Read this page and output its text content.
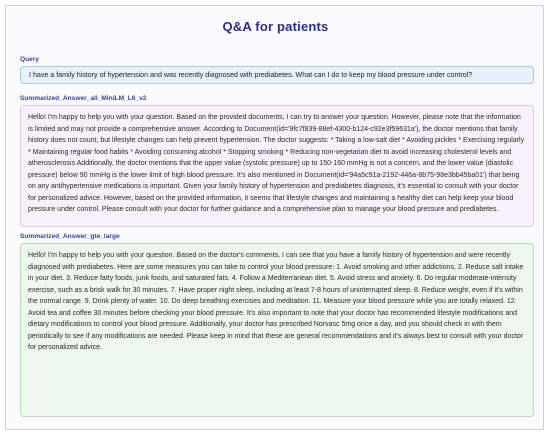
Q&A for patients
Query
I have a family history of hypertension and was recently diagnosed with prediabetes. What can I do to keep my blood pressure under control?
Summarized_Answer_all_MiniLM_L6_v2
Hello! I'm happy to help you with your question. Based on the provided documents, I can try to answer your question. However, please note that the information is limited and may not provide a comprehensive answer. According to Document(id='9fc7f839-88ef-4300-b124-c92e3f59631a'), the doctor mentions that family history does not count, but lifestyle changes can help prevent hypertension. The doctor suggests: * Taking a low-salt diet * Avoiding pickles * Exercising regularly * Maintaining regular food habits * Avoiding consuming alcohol * Stopping smoking * Reducing non-vegetarian diet to avoid increasing cholesterol levels and atherosclerosis Additionally, the doctor mentions that the upper value (systolic pressure) up to 150-160 mmHg is not a concern, and the lower value (diastolic pressure) below 90 mmHg is the lower limit of high blood pressure. It's also mentioned in Document(id='94a5c91a-2192-446a-8b75-98e3bb45ba01') that being on any antihypertensive medications is important. Given your family history of hypertension and prediabetes diagnosis, it's essential to consult with your doctor for personalized advice. However, based on the provided information, it seems that lifestyle changes and maintaining a healthy diet can help keep your blood pressure under control. Please consult with your doctor for further guidance and a comprehensive plan to manage your blood pressure and prediabetes.
Summarized_Answer_gte_large
Hello! I'm happy to help you with your question. Based on the doctor's comments, I can see that you have a family history of hypertension and were recently diagnosed with prediabetes. Here are some measures you can take to control your blood pressure: 1. Avoid smoking and other addictions. 2. Reduce salt intake in your diet. 3. Reduce fatty foods, junk foods, and saturated fats. 4. Follow a Mediterranean diet. 5. Avoid stress and anxiety. 6. Do regular moderate-intensity exercise, such as a brisk walk for 30 minutes. 7. Have proper night sleep, including at least 7-8 hours of uninterrupted sleep. 8. Reduce weight, even if it's within the normal range. 9. Drink plenty of water. 10. Do deep breathing exercises and meditation. 11. Measure your blood pressure while you are totally relaxed. 12. Avoid tea and coffee 30 minutes before checking your blood pressure. It's also important to note that your doctor has recommended lifestyle modifications and dietary modifications to control your blood pressure. Additionally, your doctor has prescribed Norvasc 5mg once a day, and you should check in with them periodically to see if any modifications are needed. Please keep in mind that these are general recommendations and it's always best to consult with your doctor for personalized advice.
